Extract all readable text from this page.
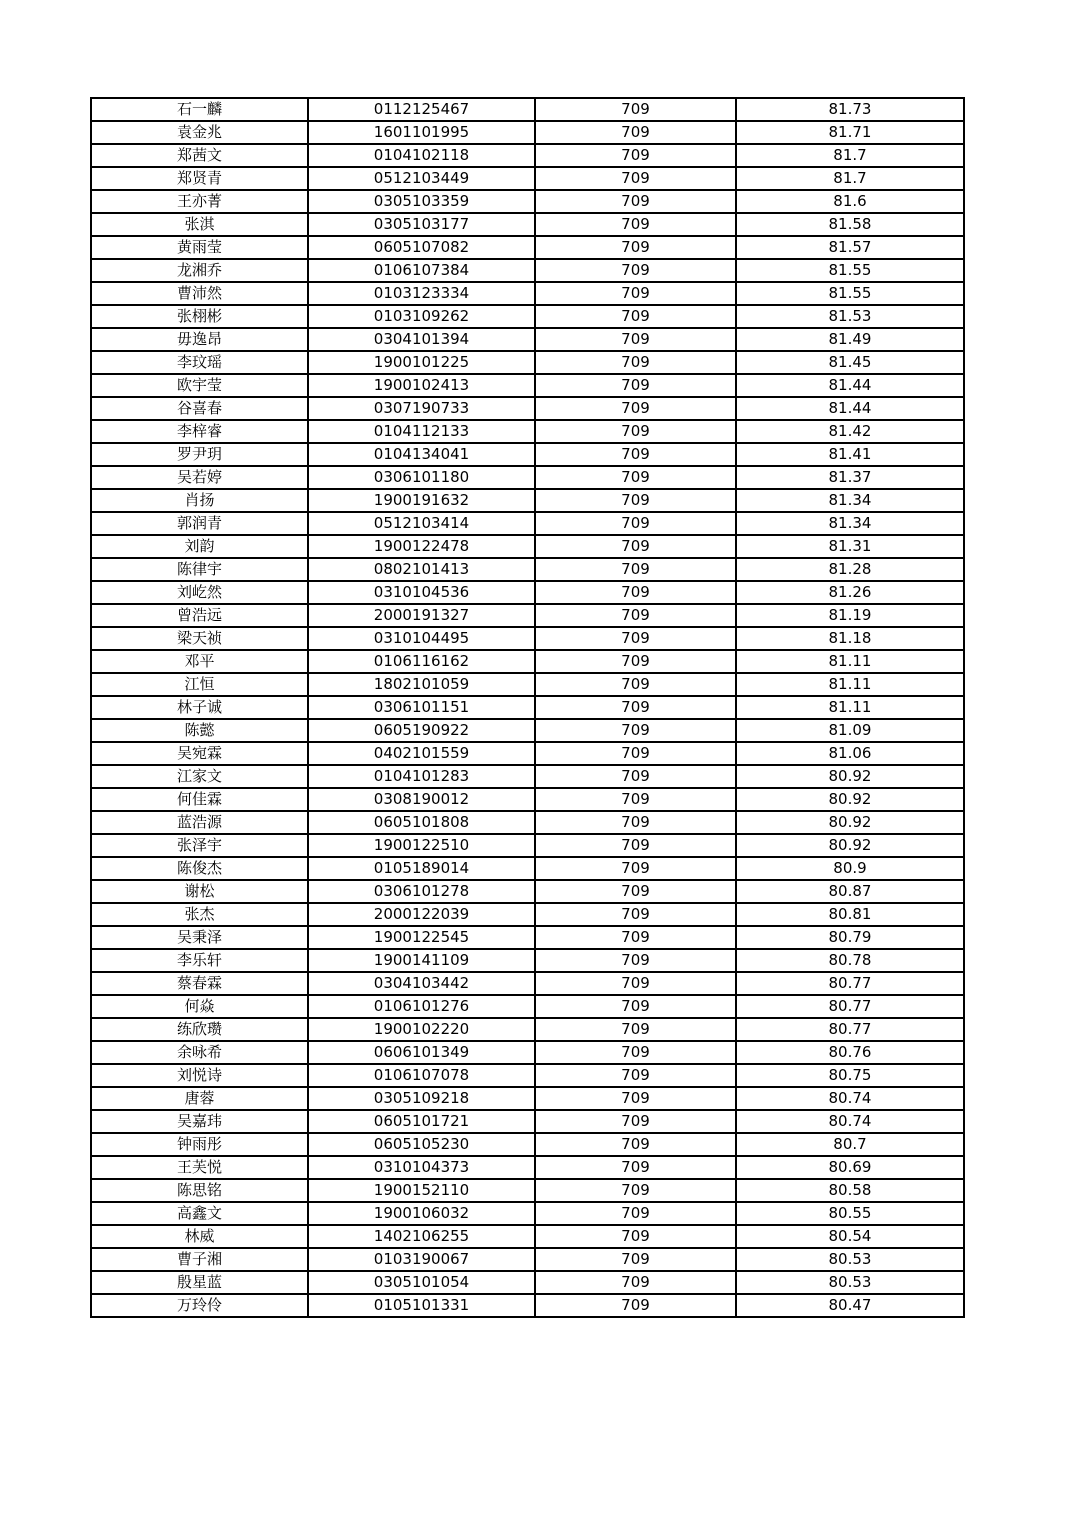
石一麟	0112125467	709	81.73
袁金兆	1601101995	709	81.71
郑茜文	0104102118	709	81.7
郑贤青	0512103449	709	81.7
王亦菁	0305103359	709	81.6
张淇	0305103177	709	81.58
黄雨莹	0605107082	709	81.57
龙湘乔	0106107384	709	81.55
曹沛然	0103123334	709	81.55
张栩彬	0103109262	709	81.53
毋逸昂	0304101394	709	81.49
李玟瑶	1900101225	709	81.45
欧宇莹	1900102413	709	81.44
谷喜春	0307190733	709	81.44
李梓睿	0104112133	709	81.42
罗尹玥	0104134041	709	81.41
吴若婷	0306101180	709	81.37
肖扬	1900191632	709	81.34
郭润青	0512103414	709	81.34
刘韵	1900122478	709	81.31
陈律宇	0802101413	709	81.28
刘屹然	0310104536	709	81.26
曾浩远	2000191327	709	81.19
梁天祯	0310104495	709	81.18
邓平	0106116162	709	81.11
江恒	1802101059	709	81.11
林子诚	0306101151	709	81.11
陈懿	0605190922	709	81.09
吴宛霖	0402101559	709	81.06
江家文	0104101283	709	80.92
何佳霖	0308190012	709	80.92
蓝浩源	0605101808	709	80.92
张泽宇	1900122510	709	80.92
陈俊杰	0105189014	709	80.9
谢松	0306101278	709	80.87
张杰	2000122039	709	80.81
吴秉泽	1900122545	709	80.79
李乐轩	1900141109	709	80.78
蔡春霖	0304103442	709	80.77
何焱	0106101276	709	80.77
练欣瓒	1900102220	709	80.77
余咏希	0606101349	709	80.76
刘悦诗	0106107078	709	80.75
唐蓉	0305109218	709	80.74
吴嘉玮	0605101721	709	80.74
钟雨彤	0605105230	709	80.7
王芙悦	0310104373	709	80.69
陈思铭	1900152110	709	80.58
高鑫文	1900106032	709	80.55
林威	1402106255	709	80.54
曹子湘	0103190067	709	80.53
殷星蓝	0305101054	709	80.53
万玲伶	0105101331	709	80.47
